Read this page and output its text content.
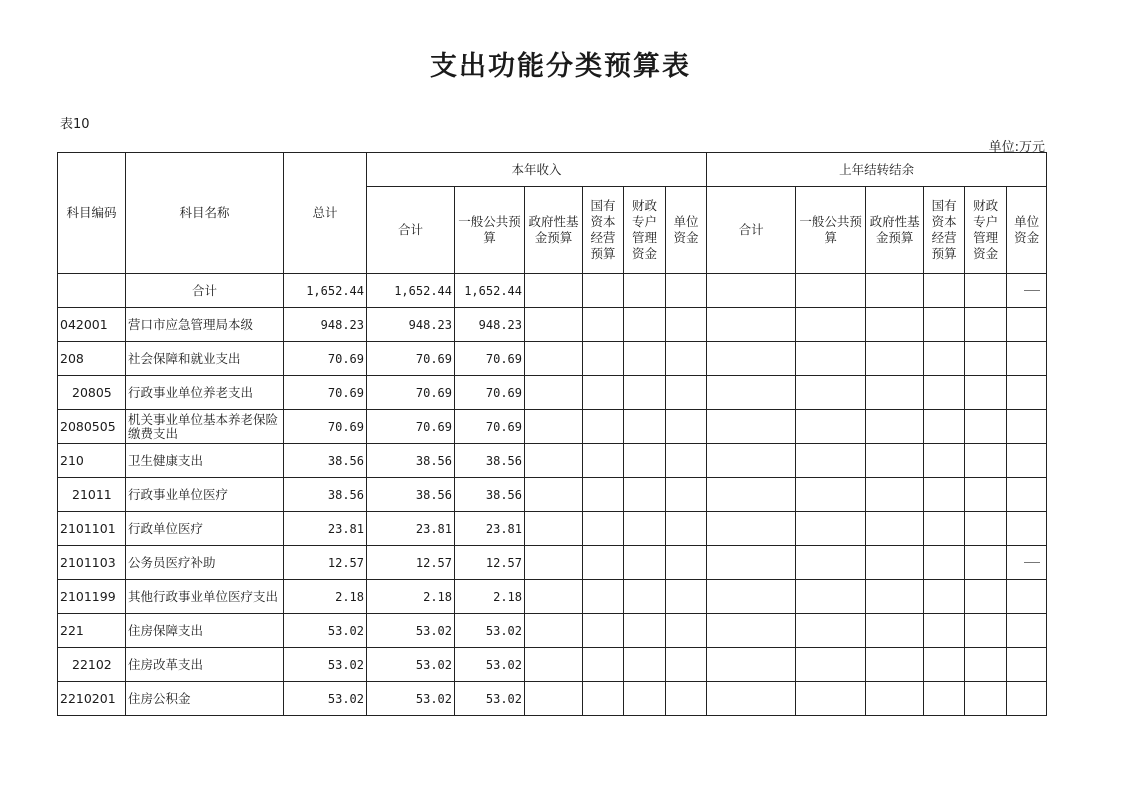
支出功能分类预算表
表10
单位:万元
科目编码	科目名称	总计	本年收入						上年结转结余					
			合计	一般公共预算	政府性基金预算	国有资本经营预算	财政专户管理资金	单位资金	合计	一般公共预算	政府性基金预算	国有资本经营预算	财政专户管理资金	单位资金
	合计	1,652.44	1,652.44	1,652.44										

042001	营口市应急管理局本级	948.23	948.23	948.23										
208	社会保障和就业支出	70.69	70.69	70.69										
20805	行政事业单位养老支出	70.69	70.69	70.69										
2080505	机关事业单位基本养老保险缴费支出	70.69	70.69	70.69										
210	卫生健康支出	38.56	38.56	38.56										
21011	行政事业单位医疗	38.56	38.56	38.56										
2101101	行政单位医疗	23.81	23.81	23.81										
2101103	公务员医疗补助	12.57	12.57	12.57										

2101199	其他行政事业单位医疗支出	2.18	2.18	2.18										
221	住房保障支出	53.02	53.02	53.02										
22102	住房改革支出	53.02	53.02	53.02										
2210201	住房公积金	53.02	53.02	53.02										
